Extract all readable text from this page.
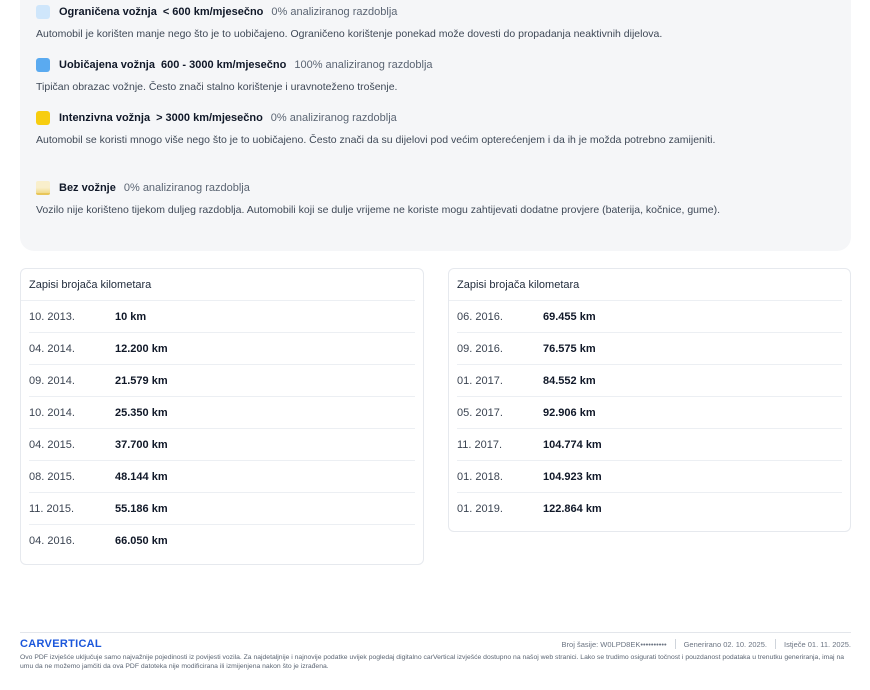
Ograničena vožnja < 600 km/mjesečno 0% analiziranog razdoblja
Automobil je korišten manje nego što je to uobičajeno. Ograničeno korištenje ponekad može dovesti do propadanja neaktivnih dijelova.
Uobičajena vožnja 600 - 3000 km/mjesečno 100% analiziranog razdoblja
Tipičan obrazac vožnje. Često znači stalno korištenje i uravnoteženo trošenje.
Intenzivna vožnja > 3000 km/mjesečno 0% analiziranog razdoblja
Automobil se koristi mnogo više nego što je to uobičajeno. Često znači da su dijelovi pod većim opterećenjem i da ih je možda potrebno zamijeniti.
Bez vožnje 0% analiziranog razdoblja
Vozilo nije korišteno tijekom duljeg razdoblja. Automobili koji se dulje vrijeme ne koriste mogu zahtijevati dodatne provjere (baterija, kočnice, gume).
Zapisi brojača kilometara
10. 2013.	10 km
04. 2014.	12.200 km
09. 2014.	21.579 km
10. 2014.	25.350 km
04. 2015.	37.700 km
08. 2015.	48.144 km
11. 2015.	55.186 km
04. 2016.	66.050 km
Zapisi brojača kilometara
06. 2016.	69.455 km
09. 2016.	76.575 km
01. 2017.	84.552 km
05. 2017.	92.906 km
11. 2017.	104.774 km
01. 2018.	104.923 km
01. 2019.	122.864 km
CARVERTICAL	Broj šasije: W0LPD8EK•••••••••• Generirano 02. 10. 2025. Istječe 01. 11. 2025.
Ovo PDF izvješće uključuje samo najvažnije pojedinosti iz povijesti vozila. Za najdetaljnije i najnovije podatke uvijek pogledaj digitalno carVertical izvješće dostupno na našoj web stranici. Lako se trudimo osigurati točnost i pouzdanost podataka u trenutku generiranja, imaj na umu da ne možemo jamčiti da ova PDF datoteka nije modificirana ili izmijenjena nakon što je izrađena.
